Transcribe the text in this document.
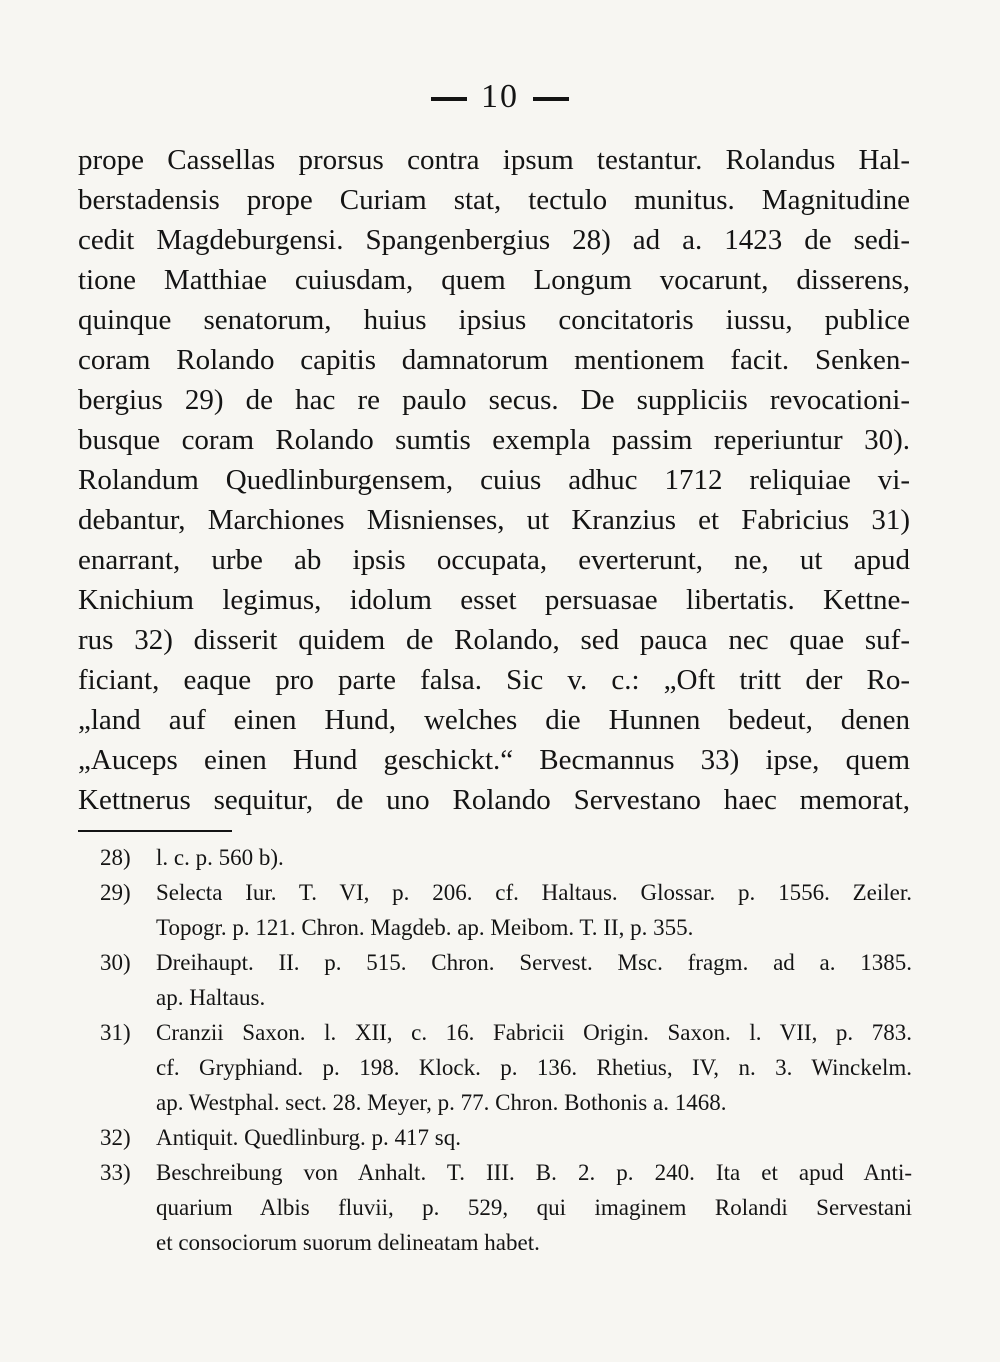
10
prope Cassellas prorsus contra ipsum testantur. Rolandus Hal-
berstadensis prope Curiam stat, tectulo munitus. Magnitudine
cedit Magdeburgensi. Spangenbergius 28) ad a. 1423 de sedi-
tione Matthiae cuiusdam, quem Longum vocarunt, disserens,
quinque senatorum, huius ipsius concitatoris iussu, publice
coram Rolando capitis damnatorum mentionem facit. Senken-
bergius 29) de hac re paulo secus. De suppliciis revocationi-
busque coram Rolando sumtis exempla passim reperiuntur 30).
Rolandum Quedlinburgensem, cuius adhuc 1712 reliquiae vi-
debantur, Marchiones Misnienses, ut Kranzius et Fabricius 31)
enarrant, urbe ab ipsis occupata, everterunt, ne, ut apud
Knichium legimus, idolum esset persuasae libertatis. Kettne-
rus 32) disserit quidem de Rolando, sed pauca nec quae suf-
ficiant, eaque pro parte falsa. Sic v. c.: „Oft tritt der Ro-
„land auf einen Hund, welches die Hunnen bedeut, denen
„Auceps einen Hund geschickt.“ Becmannus 33) ipse, quem
Kettnerus sequitur, de uno Rolando Servestano haec memorat,
28)	l. c. p. 560 b).
29)	Selecta Iur. T. VI, p. 206. cf. Haltaus. Glossar. p. 1556. Zeiler.
Topogr. p. 121. Chron. Magdeb. ap. Meibom. T. II, p. 355.
30)	Dreihaupt. II. p. 515. Chron. Servest. Msc. fragm. ad a. 1385.
ap. Haltaus.
31)	Cranzii Saxon. l. XII, c. 16. Fabricii Origin. Saxon. l. VII, p. 783.
cf. Gryphiand. p. 198. Klock. p. 136. Rhetius, IV, n. 3. Winckelm.
ap. Westphal. sect. 28. Meyer, p. 77. Chron. Bothonis a. 1468.
32)	Antiquit. Quedlinburg. p. 417 sq.
33)	Beschreibung von Anhalt. T. III. B. 2. p. 240. Ita et apud Anti-
quarium Albis fluvii, p. 529, qui imaginem Rolandi Servestani
et consociorum suorum delineatam habet.
